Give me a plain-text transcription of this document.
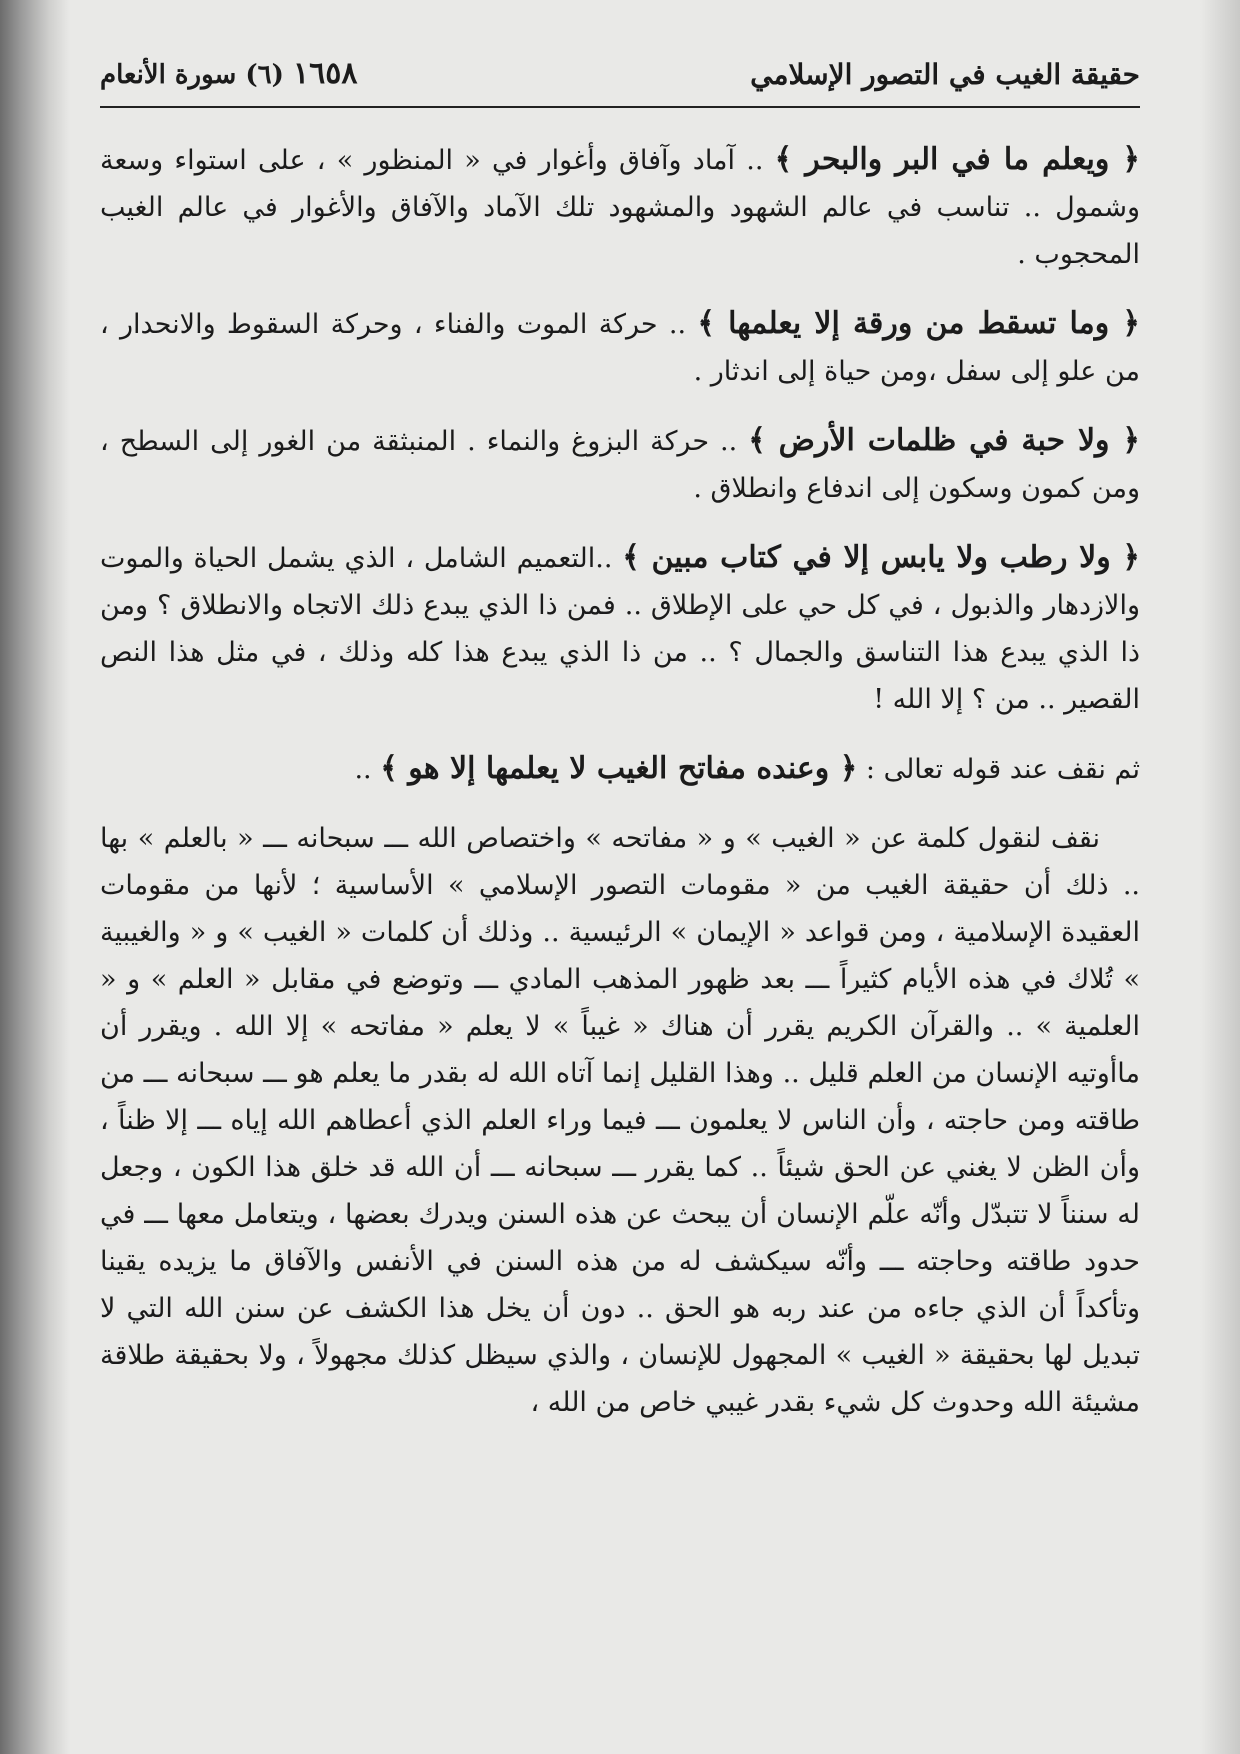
حقيقة الغيب في التصور الإسلامي
١٦٥٨ (٦) سورة الأنعام

﴿ ويعلم ما في البر والبحر ﴾ .. آماد وآفاق وأغوار في « المنظور » ، على استواء وسعة وشمول .. تناسب في عالم الشهود والمشهود تلك الآماد والآفاق والأغوار في عالم الغيب المحجوب .

﴿ وما تسقط من ورقة إلا يعلمها ﴾ .. حركة الموت والفناء ، وحركة السقوط والانحدار ، من علو إلى سفل ،ومن حياة إلى اندثار .

﴿ ولا حبة في ظلمات الأرض ﴾ .. حركة البزوغ والنماء . المنبثقة من الغور إلى السطح ، ومن كمون وسكون إلى اندفاع وانطلاق .

﴿ ولا رطب ولا يابس إلا في كتاب مبين ﴾ ..التعميم الشامل ، الذي يشمل الحياة والموت والازدهار والذبول ، في كل حي على الإطلاق .. فمن ذا الذي يبدع ذلك الاتجاه والانطلاق ؟ ومن ذا الذي يبدع هذا التناسق والجمال ؟ .. من ذا الذي يبدع هذا كله وذلك ، في مثل هذا النص القصير .. من ؟ إلا الله !

ثم نقف عند قوله تعالى : ﴿ وعنده مفاتح الغيب لا يعلمها إلا هو ﴾ ..

نقف لنقول كلمة عن « الغيب » و « مفاتحه » واختصاص الله ـــ سبحانه ـــ « بالعلم » بها .. ذلك أن حقيقة الغيب من « مقومات التصور الإسلامي » الأساسية ؛ لأنها من مقومات العقيدة الإسلامية ، ومن قواعد « الإيمان » الرئيسية .. وذلك أن كلمات « الغيب » و « والغيبية » تُلاك في هذه الأيام كثيراً ـــ بعد ظهور المذهب المادي ـــ وتوضع في مقابل « العلم » و « العلمية » .. والقرآن الكريم يقرر أن هناك « غيباً » لا يعلم « مفاتحه » إلا الله . ويقرر أن ماأوتيه الإنسان من العلم قليل .. وهذا القليل إنما آتاه الله له بقدر ما يعلم هو ـــ سبحانه ـــ من طاقته ومن حاجته ، وأن الناس لا يعلمون ـــ فيما وراء العلم الذي أعطاهم الله إياه ـــ إلا ظناً ، وأن الظن لا يغني عن الحق شيئاً .. كما يقرر ـــ سبحانه ـــ أن الله قد خلق هذا الكون ، وجعل له سنناً لا تتبدّل وأنّه علّم الإنسان أن يبحث عن هذه السنن ويدرك بعضها ، ويتعامل معها ـــ في حدود طاقته وحاجته ـــ وأنّه سيكشف له من هذه السنن في الأنفس والآفاق ما يزيده يقينا وتأكداً أن الذي جاءه من عند ربه هو الحق .. دون أن يخل هذا الكشف عن سنن الله التي لا تبديل لها بحقيقة « الغيب » المجهول للإنسان ، والذي سيظل كذلك مجهولاً ، ولا بحقيقة طلاقة مشيئة الله وحدوث كل شيء بقدر غيبي خاص من الله ،
